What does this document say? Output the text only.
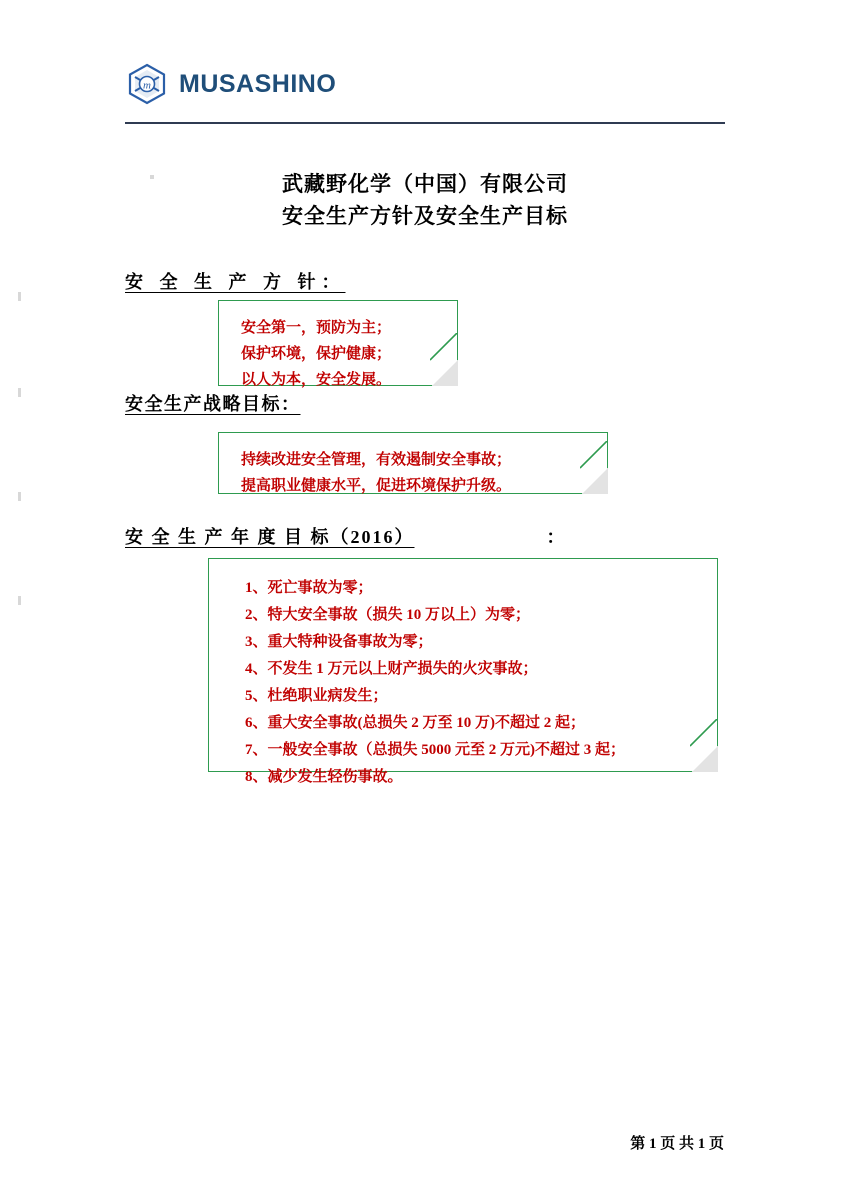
m MUSASHINO
武藏野化学（中国）有限公司
安全生产方针及安全生产目标
安 全 生 产 方 针：
安全第一，预防为主；
保护环境，保护健康；
以人为本，安全发展。
安全生产战略目标：
持续改进安全管理，有效遏制安全事故；
提高职业健康水平，促进环境保护升级。
安 全 生 产 年 度 目 标（2016）	：
1、死亡事故为零；
2、特大安全事故（损失 10 万以上）为零；
3、重大特种设备事故为零；
4、不发生 1 万元以上财产损失的火灾事故；
5、杜绝职业病发生；
6、重大安全事故(总损失 2 万至 10 万)不超过 2 起；
7、一般安全事故（总损失 5000 元至 2 万元)不超过 3 起；
8、减少发生轻伤事故。
第 1 页 共 1 页
